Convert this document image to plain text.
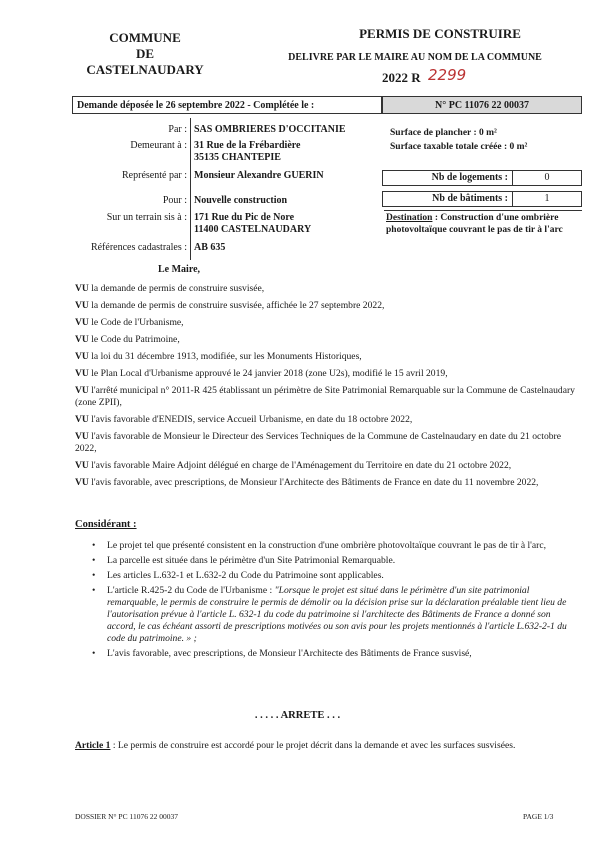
COMMUNE
DE
CASTELNAUDARY
PERMIS DE CONSTRUIRE
DELIVRE PAR LE MAIRE AU NOM DE LA COMMUNE
2022 R 2299
Demande déposée le 26 septembre 2022 - Complétée le :	N° PC 11076 22 00037
Par : SAS OMBRIERES D'OCCITANIE
Demeurant à : 31 Rue de la Frébardière
35135 CHANTEPIE
Représenté par : Monsieur Alexandre GUERIN
Pour : Nouvelle construction
Sur un terrain sis à : 171 Rue du Pic de Nore
11400 CASTELNAUDARY
Références cadastrales : AB 635
Surface de plancher : 0 m²
Surface taxable totale créée : 0 m²
Nb de logements :	0
Nb de bâtiments :	1
Destination : Construction d'une ombrière photovoltaïque couvrant le pas de tir à l'arc
Le Maire,
VU la demande de permis de construire susvisée,
VU la demande de permis de construire susvisée, affichée le 27 septembre 2022,
VU le Code de l'Urbanisme,
VU le Code du Patrimoine,
VU la loi du 31 décembre 1913, modifiée, sur les Monuments Historiques,
VU le Plan Local d'Urbanisme approuvé le 24 janvier 2018 (zone U2s), modifié le 15 avril 2019,
VU l'arrêté municipal n° 2011-R 425 établissant un périmètre de Site Patrimonial Remarquable sur la Commune de Castelnaudary (zone ZPII),
VU l'avis favorable d'ENEDIS, service Accueil Urbanisme, en date du 18 octobre 2022,
VU l'avis favorable de Monsieur le Directeur des Services Techniques de la Commune de Castelnaudary en date du 21 octobre 2022,
VU l'avis favorable Maire Adjoint délégué en charge de l'Aménagement du Territoire en date du 21 octobre 2022,
VU l'avis favorable, avec prescriptions, de Monsieur l'Architecte des Bâtiments de France en date du 11 novembre 2022,
Considérant :
• Le projet tel que présenté consistent en la construction d'une ombrière photovoltaïque couvrant le pas de tir à l'arc,
• La parcelle est située dans le périmètre d'un Site Patrimonial Remarquable.
• Les articles L.632-1 et L.632-2 du Code du Patrimoine sont applicables.
• L'article R.425-2 du Code de l'Urbanisme : "Lorsque le projet est situé dans le périmètre d'un site patrimonial remarquable, le permis de construire le permis de démolir ou la décision prise sur la déclaration préalable tient lieu de l'autorisation prévue à l'article L. 632-1 du code du patrimoine si l'architecte des Bâtiments de France a donné son accord, le cas échéant assorti de prescriptions motivées ou son avis pour les projets mentionnés à l'article L.632-2-1 du code du patrimoine. » ;
• L'avis favorable, avec prescriptions, de Monsieur l'Architecte des Bâtiments de France susvisé,
. . . . . ARRETE . . .
Article 1 : Le permis de construire est accordé pour le projet décrit dans la demande et avec les surfaces susvisées.
DOSSIER N° PC 11076 22 00037	PAGE 1/3
